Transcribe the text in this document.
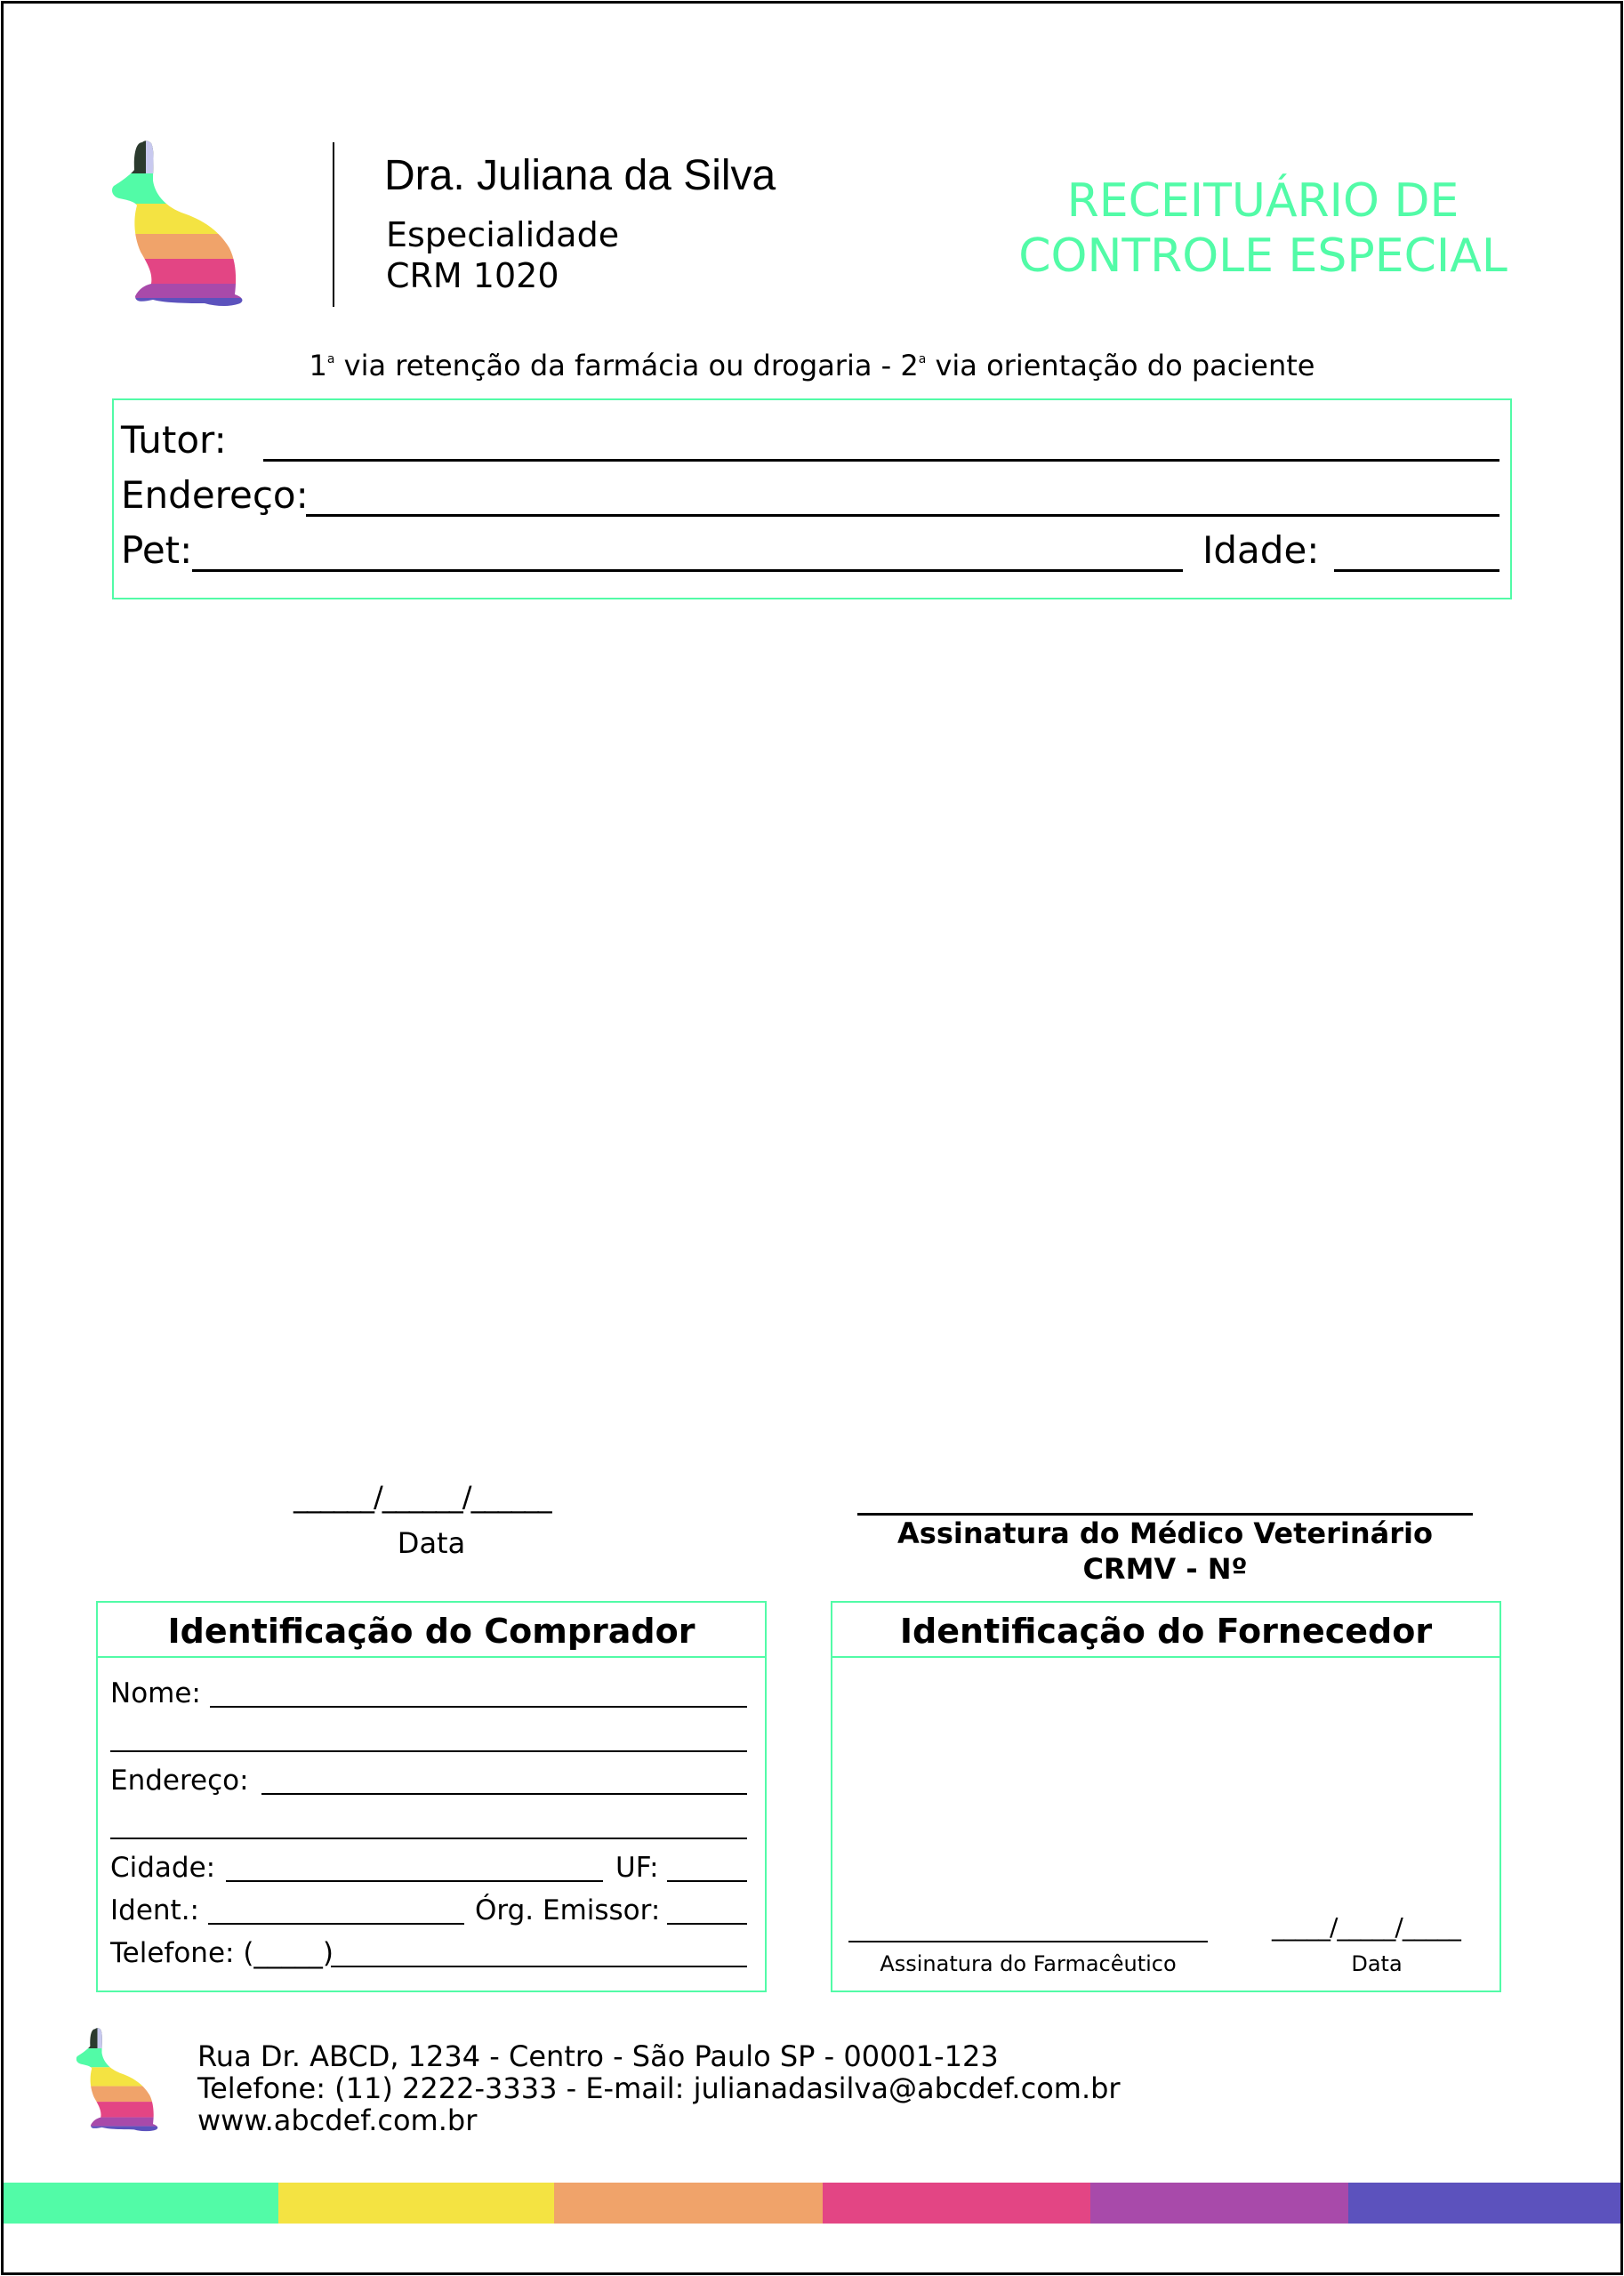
Dra. Juliana da Silva
Especialidade
CRM 1020
RECEITUÁRIO DE
CONTROLE ESPECIAL
1$^a$ via retenção da farmácia ou drogaria - 2$^a$ via orientação do paciente
Tutor:
Endereço:
Pet:	Idade:
______/______/______
Data	Assinatura do Médico Veterinário
CRMV - Nº
Identificação do Comprador
Nome:
Endereço:
Cidade:	UF:
Ident.:	Órg. Emissor:
Telefone: (_____)
Identificação do Fornecedor
Assinatura do Farmacêutico
_____/_____/_____
Data
Rua Dr. ABCD, 1234 - Centro - São Paulo SP - 00001-123
Telefone: (11) 2222-3333 - E-mail: julianadasilva@abcdef.com.br
www.abcdef.com.br
